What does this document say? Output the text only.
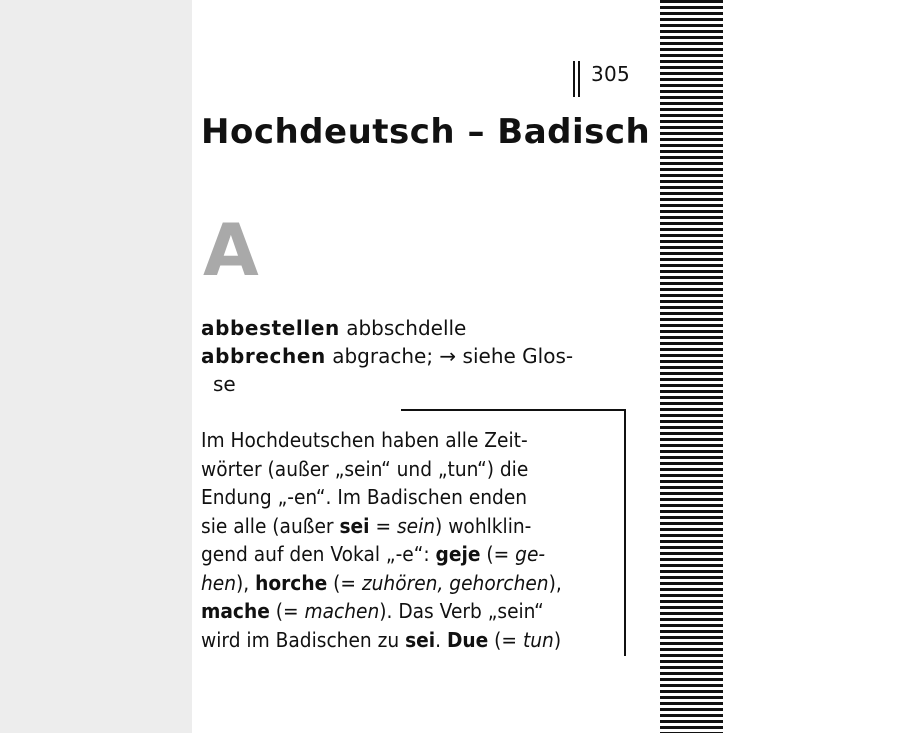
305
Hochdeutsch – Badisch
A

abbestellen abbschdelle

abbrechen abgrache; → siehe Glos-
se

Im Hochdeutschen haben alle Zeit-
wörter (außer „sein“ und „tun“) die
Endung „-en“. Im Badischen enden
sie alle (außer sei = sein) wohlklin-
gend auf den Vokal „-e“: geje (= ge-
hen), horche (= zuhören, gehorchen),
mache (= machen). Das Verb „sein“
wird im Badischen zu sei. Due (= tun)
